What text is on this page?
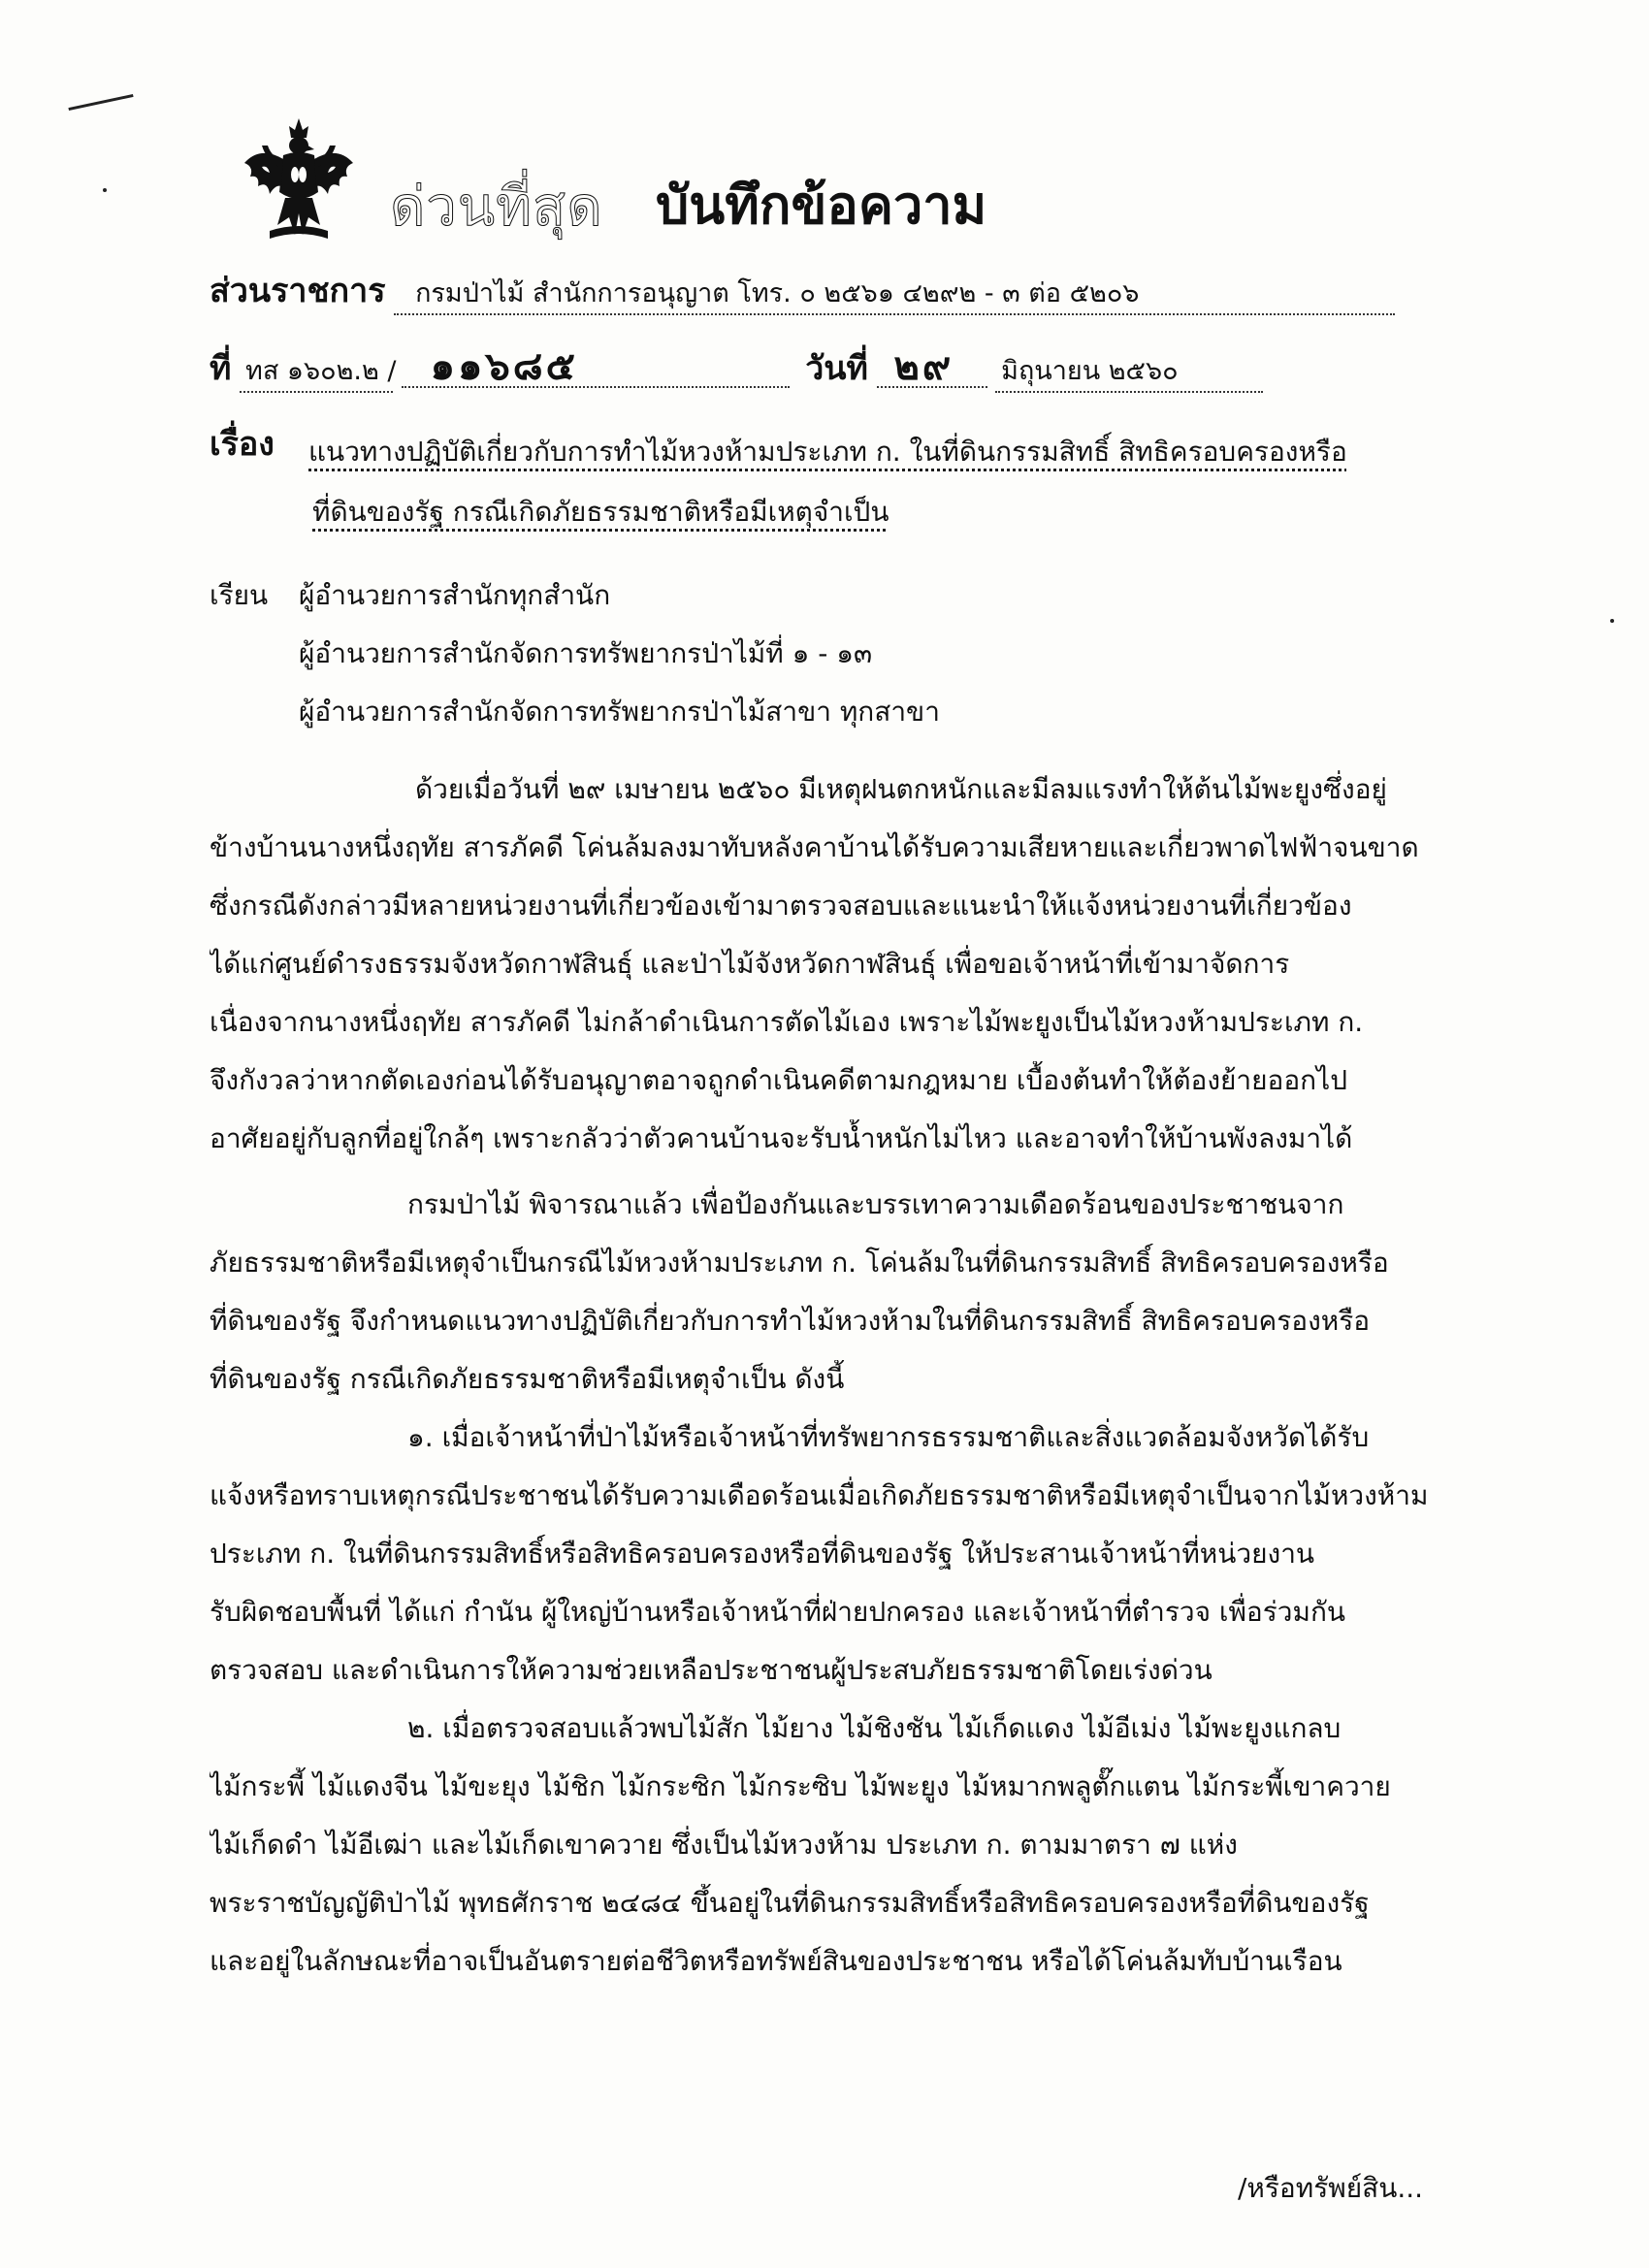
ด่วนที่สุด บันทึกข้อความ
ส่วนราชการ กรมป่าไม้ สำนักการอนุญาต โทร. ๐ ๒๕๖๑ ๔๒๙๒ - ๓ ต่อ ๕๒๐๖
ที่ ทส ๑๖๐๒.๒ / ๑๑๖๘๕	วันที่ ๒๙ มิถุนายน ๒๕๖๐
เรื่อง	แนวทางปฏิบัติเกี่ยวกับการทำไม้หวงห้ามประเภท ก. ในที่ดินกรรมสิทธิ์ สิทธิครอบครองหรือ
ที่ดินของรัฐ กรณีเกิดภัยธรรมชาติหรือมีเหตุจำเป็น
เรียน ผู้อำนวยการสำนักทุกสำนัก
ผู้อำนวยการสำนักจัดการทรัพยากรป่าไม้ที่ ๑ - ๑๓
ผู้อำนวยการสำนักจัดการทรัพยากรป่าไม้สาขา ทุกสาขา
ด้วยเมื่อวันที่ ๒๙ เมษายน ๒๕๖๐ มีเหตุฝนตกหนักและมีลมแรงทำให้ต้นไม้พะยูงซึ่งอยู่
ข้างบ้านนางหนึ่งฤทัย สารภัคดี โค่นล้มลงมาทับหลังคาบ้านได้รับความเสียหายและเกี่ยวพาดไฟฟ้าจนขาด
ซึ่งกรณีดังกล่าวมีหลายหน่วยงานที่เกี่ยวข้องเข้ามาตรวจสอบและแนะนำให้แจ้งหน่วยงานที่เกี่ยวข้อง
ได้แก่ศูนย์ดำรงธรรมจังหวัดกาฬสินธุ์ และป่าไม้จังหวัดกาฬสินธุ์ เพื่อขอเจ้าหน้าที่เข้ามาจัดการ
เนื่องจากนางหนึ่งฤทัย สารภัคดี ไม่กล้าดำเนินการตัดไม้เอง เพราะไม้พะยูงเป็นไม้หวงห้ามประเภท ก.
จึงกังวลว่าหากตัดเองก่อนได้รับอนุญาตอาจถูกดำเนินคดีตามกฎหมาย เบื้องต้นทำให้ต้องย้ายออกไป
อาศัยอยู่กับลูกที่อยู่ใกล้ๆ เพราะกลัวว่าตัวคานบ้านจะรับน้ำหนักไม่ไหว และอาจทำให้บ้านพังลงมาได้
กรมป่าไม้ พิจารณาแล้ว เพื่อป้องกันและบรรเทาความเดือดร้อนของประชาชนจาก
ภัยธรรมชาติหรือมีเหตุจำเป็นกรณีไม้หวงห้ามประเภท ก. โค่นล้มในที่ดินกรรมสิทธิ์ สิทธิครอบครองหรือ
ที่ดินของรัฐ จึงกำหนดแนวทางปฏิบัติเกี่ยวกับการทำไม้หวงห้ามในที่ดินกรรมสิทธิ์ สิทธิครอบครองหรือ
ที่ดินของรัฐ กรณีเกิดภัยธรรมชาติหรือมีเหตุจำเป็น ดังนี้
๑. เมื่อเจ้าหน้าที่ป่าไม้หรือเจ้าหน้าที่ทรัพยากรธรรมชาติและสิ่งแวดล้อมจังหวัดได้รับ
แจ้งหรือทราบเหตุกรณีประชาชนได้รับความเดือดร้อนเมื่อเกิดภัยธรรมชาติหรือมีเหตุจำเป็นจากไม้หวงห้าม
ประเภท ก. ในที่ดินกรรมสิทธิ์หรือสิทธิครอบครองหรือที่ดินของรัฐ ให้ประสานเจ้าหน้าที่หน่วยงาน
รับผิดชอบพื้นที่ ได้แก่ กำนัน ผู้ใหญ่บ้านหรือเจ้าหน้าที่ฝ่ายปกครอง และเจ้าหน้าที่ตำรวจ เพื่อร่วมกัน
ตรวจสอบ และดำเนินการให้ความช่วยเหลือประชาชนผู้ประสบภัยธรรมชาติโดยเร่งด่วน
๒. เมื่อตรวจสอบแล้วพบไม้สัก ไม้ยาง ไม้ชิงชัน ไม้เก็ดแดง ไม้อีเม่ง ไม้พะยูงแกลบ
ไม้กระพี้ ไม้แดงจีน ไม้ขะยุง ไม้ชิก ไม้กระซิก ไม้กระซิบ ไม้พะยูง ไม้หมากพลูตั๊กแตน ไม้กระพี้เขาควาย
ไม้เก็ดดำ ไม้อีเฒ่า และไม้เก็ดเขาควาย ซึ่งเป็นไม้หวงห้าม ประเภท ก. ตามมาตรา ๗ แห่ง
พระราชบัญญัติป่าไม้ พุทธศักราช ๒๔๘๔ ขึ้นอยู่ในที่ดินกรรมสิทธิ์หรือสิทธิครอบครองหรือที่ดินของรัฐ
และอยู่ในลักษณะที่อาจเป็นอันตรายต่อชีวิตหรือทรัพย์สินของประชาชน หรือได้โค่นล้มทับบ้านเรือน
/หรือทรัพย์สิน...
